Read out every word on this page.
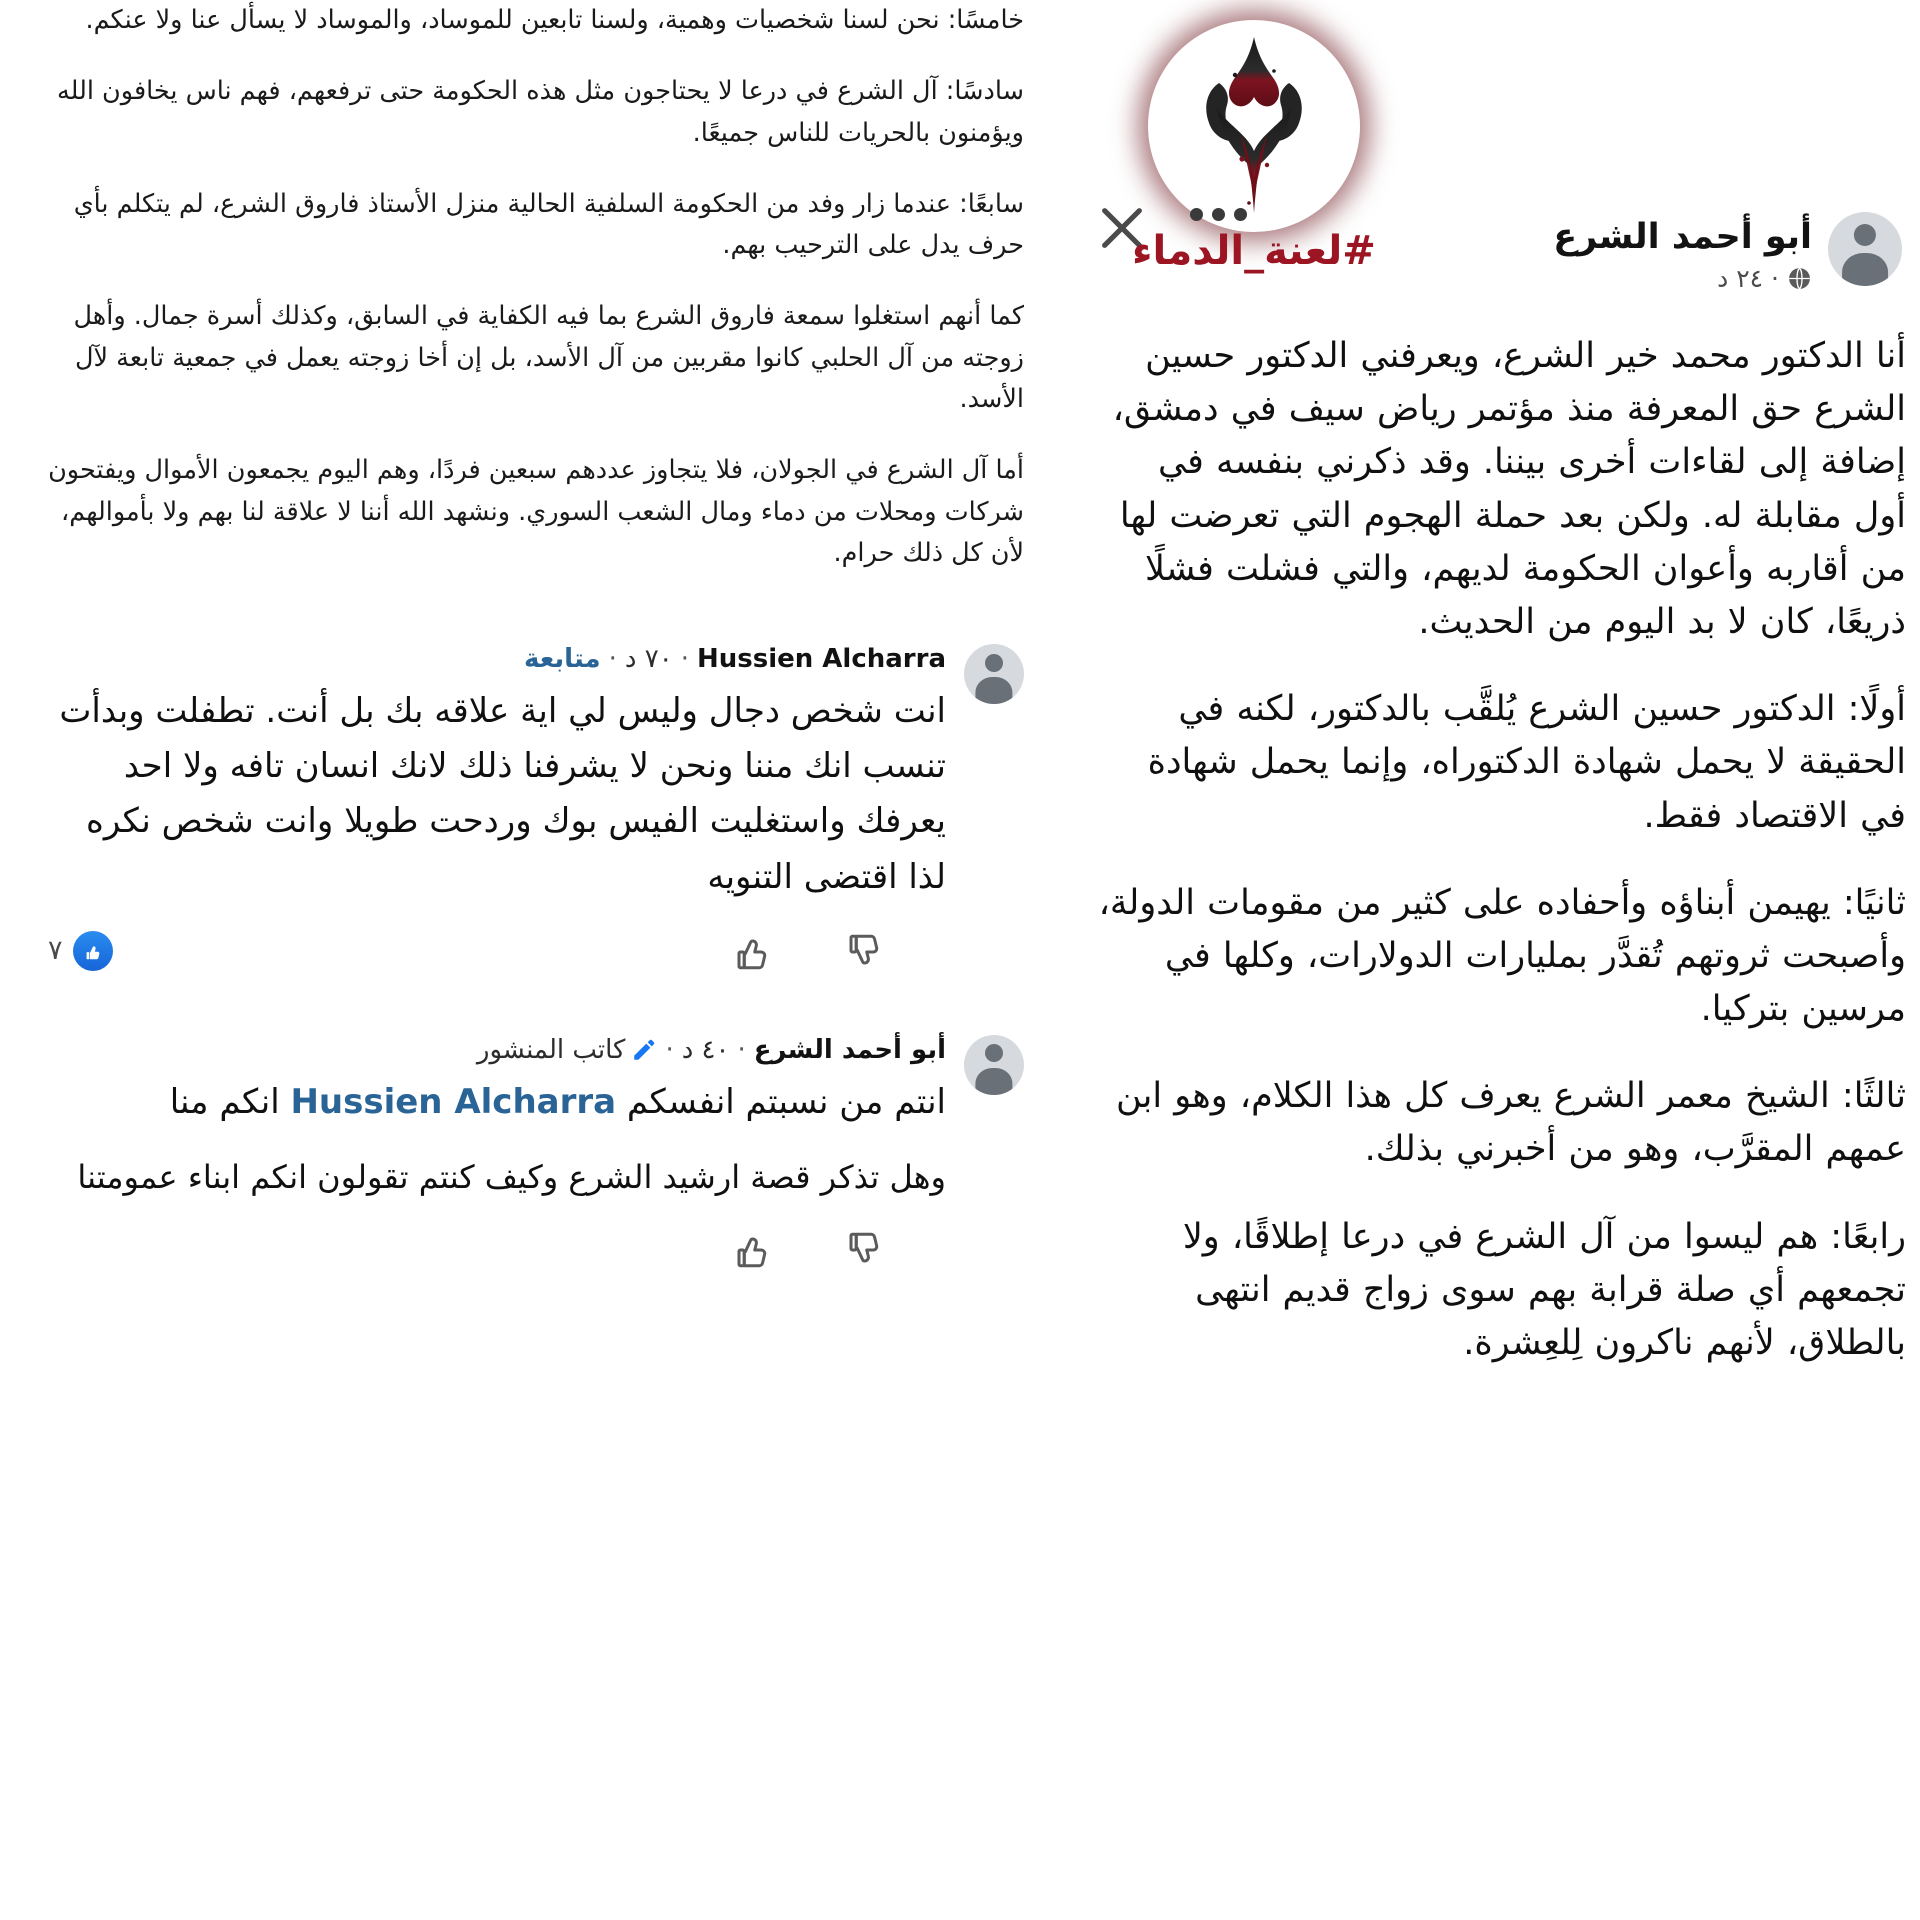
#لعنة_الدماء	أبو أحمد الشرع
·
٢٤ د

أنا الدكتور محمد خير الشرع، ويعرفني الدكتور حسين الشرع حق المعرفة منذ مؤتمر رياض سيف في دمشق، إضافة إلى لقاءات أخرى بيننا. وقد ذكرني بنفسه في أول مقابلة له. ولكن بعد حملة الهجوم التي تعرضت لها من أقاربه وأعوان الحكومة لديهم، والتي فشلت فشلًا ذريعًا، كان لا بد اليوم من الحديث.

أولًا: الدكتور حسين الشرع يُلقَّب بالدكتور، لكنه في الحقيقة لا يحمل شهادة الدكتوراه، وإنما يحمل شهادة في الاقتصاد فقط.

ثانيًا: يهيمن أبناؤه وأحفاده على كثير من مقومات الدولة، وأصبحت ثروتهم تُقدَّر بمليارات الدولارات، وكلها في مرسين بتركيا.

ثالثًا: الشيخ معمر الشرع يعرف كل هذا الكلام، وهو ابن عمهم المقرَّب، وهو من أخبرني بذلك.

رابعًا: هم ليسوا من آل الشرع في درعا إطلاقًا، ولا تجمعهم أي صلة قرابة بهم سوى زواج قديم انتهى بالطلاق، لأنهم ناكرون لِلعِشرة.

خامسًا: نحن لسنا شخصيات وهمية، ولسنا تابعين للموساد، والموساد لا يسأل عنا ولا عنكم.

سادسًا: آل الشرع في درعا لا يحتاجون مثل هذه الحكومة حتى ترفعهم، فهم ناس يخافون الله ويؤمنون بالحريات للناس جميعًا.

سابعًا: عندما زار وفد من الحكومة السلفية الحالية منزل الأستاذ فاروق الشرع، لم يتكلم بأي حرف يدل على الترحيب بهم.

كما أنهم استغلوا سمعة فاروق الشرع بما فيه الكفاية في السابق، وكذلك أسرة جمال. وأهل زوجته من آل الحلبي كانوا مقربين من آل الأسد، بل إن أخا زوجته يعمل في جمعية تابعة لآل الأسد.

أما آل الشرع في الجولان، فلا يتجاوز عددهم سبعين فردًا، وهم اليوم يجمعون الأموال ويفتحون شركات ومحلات من دماء ومال الشعب السوري. ونشهد الله أننا لا علاقة لنا بهم ولا بأموالهم، لأن كل ذلك حرام.

Hussien Alcharra
·
٧٠ د
·
متابعة
انت شخص دجال وليس لي اية علاقه بك بل أنت. تطفلت وبدأت تنسب انك مننا ونحن لا يشرفنا ذلك لانك انسان تافه ولا احد يعرفك واستغليت الفيس بوك وردحت طويلا وانت شخص نكره لذا اقتضى التنويه
٧
أبو أحمد الشرع
·
٤٠ د
·
كاتب المنشور
انتم من نسبتم انفسكم Hussien Alcharra انكم منا
وهل تذكر قصة ارشيد الشرع وكيف كنتم تقولون انكم ابناء عمومتنا
